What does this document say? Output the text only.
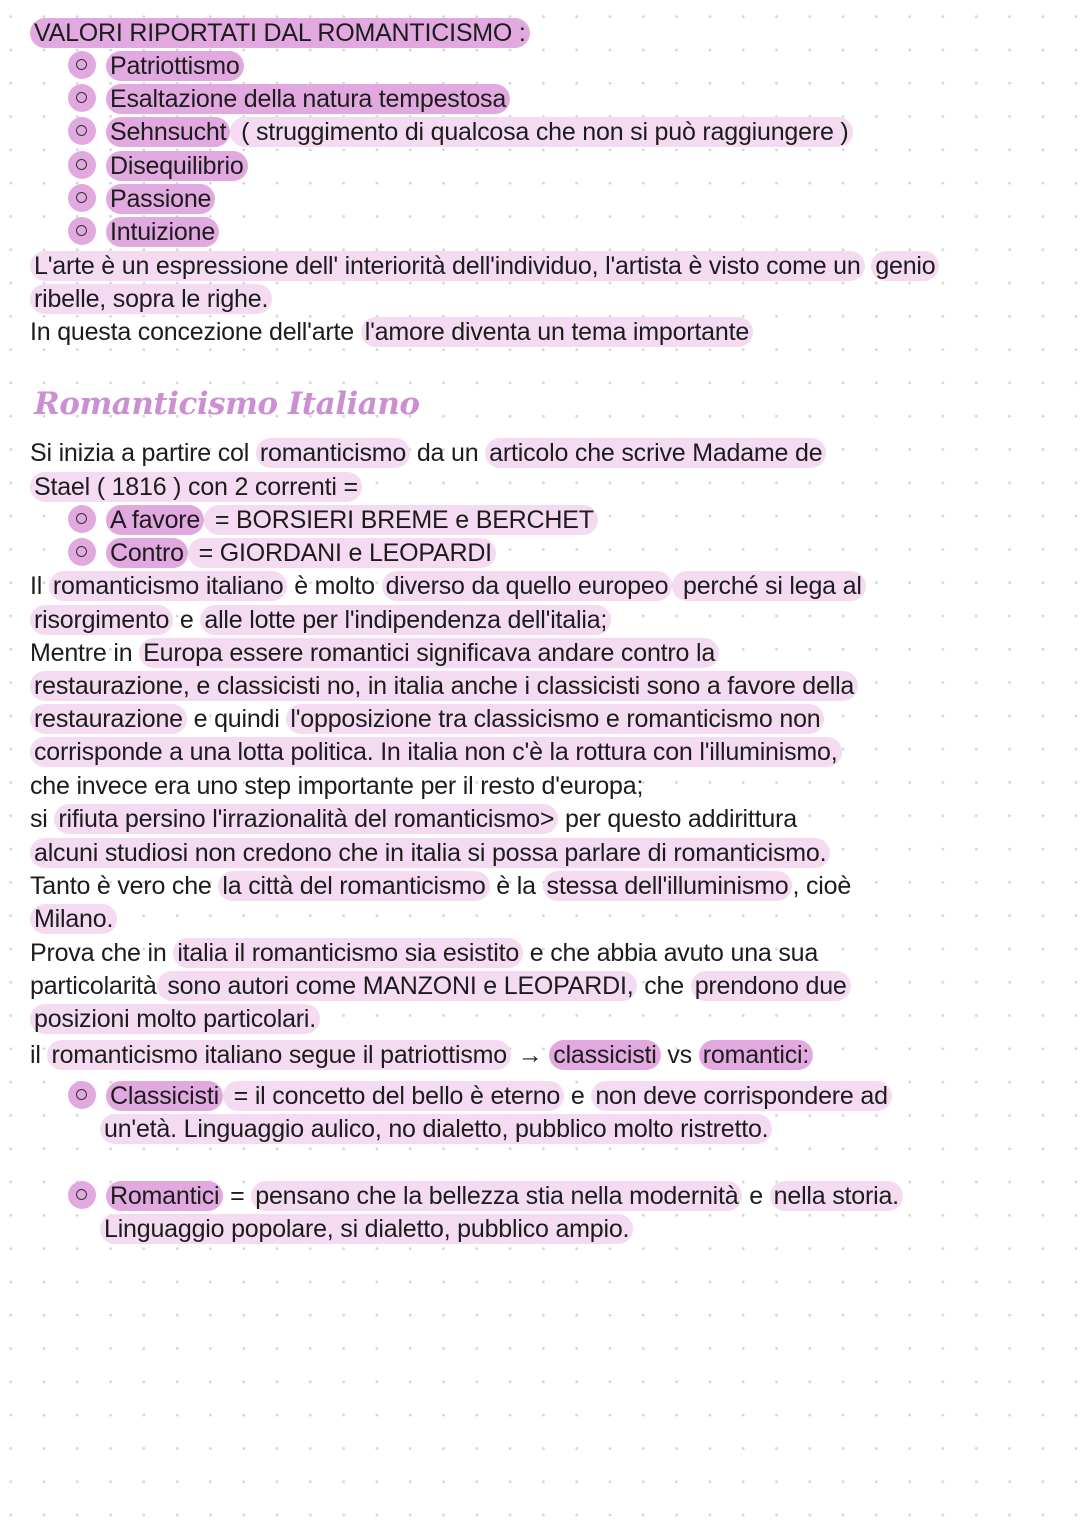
Romanticismo Italiano
VALORI RIPORTATI DAL ROMANTICISMO :
Patriottismo
Esaltazione della natura tempestosa
Sehnsucht ( struggimento di qualcosa che non si può raggiungere )
Disequilibrio
Passione
Intuizione
L'arte è un espressione dell' interiorità dell'individuo, l'artista è visto come un genio
ribelle, sopra le righe.
In questa concezione dell'arte l'amore diventa un tema importante
Si inizia a partire col romanticismo da un articolo che scrive Madame de
Stael ( 1816 ) con 2 correnti =
A favore = BORSIERI BREME e BERCHET
Contro = GIORDANI e LEOPARDI
Il romanticismo italiano è molto diverso da quello europeo perché si lega al
risorgimento e alle lotte per l'indipendenza dell'italia;
Mentre in Europa essere romantici significava andare contro la
restaurazione, e classicisti no, in italia anche i classicisti sono a favore della
restaurazione e quindi l'opposizione tra classicismo e romanticismo non
corrisponde a una lotta politica. In italia non c'è la rottura con l'illuminismo,
che invece era uno step importante per il resto d'europa;
si rifiuta persino l'irrazionalità del romanticismo> per questo addirittura
alcuni studiosi non credono che in italia si possa parlare di romanticismo.
Tanto è vero che la città del romanticismo è la stessa dell'illuminismo , cioè
Milano.
Prova che in italia il romanticismo sia esistito e che abbia avuto una sua
particolarità sono autori come MANZONI e LEOPARDI, che prendono due
posizioni molto particolari.
il romanticismo italiano segue il patriottismo → classicisti vs romantici:
Classicisti = il concetto del bello è eterno e non deve corrispondere ad
un'età. Linguaggio aulico, no dialetto, pubblico molto ristretto.
Romantici = pensano che la bellezza stia nella modernità e nella storia.
Linguaggio popolare, si dialetto, pubblico ampio.
